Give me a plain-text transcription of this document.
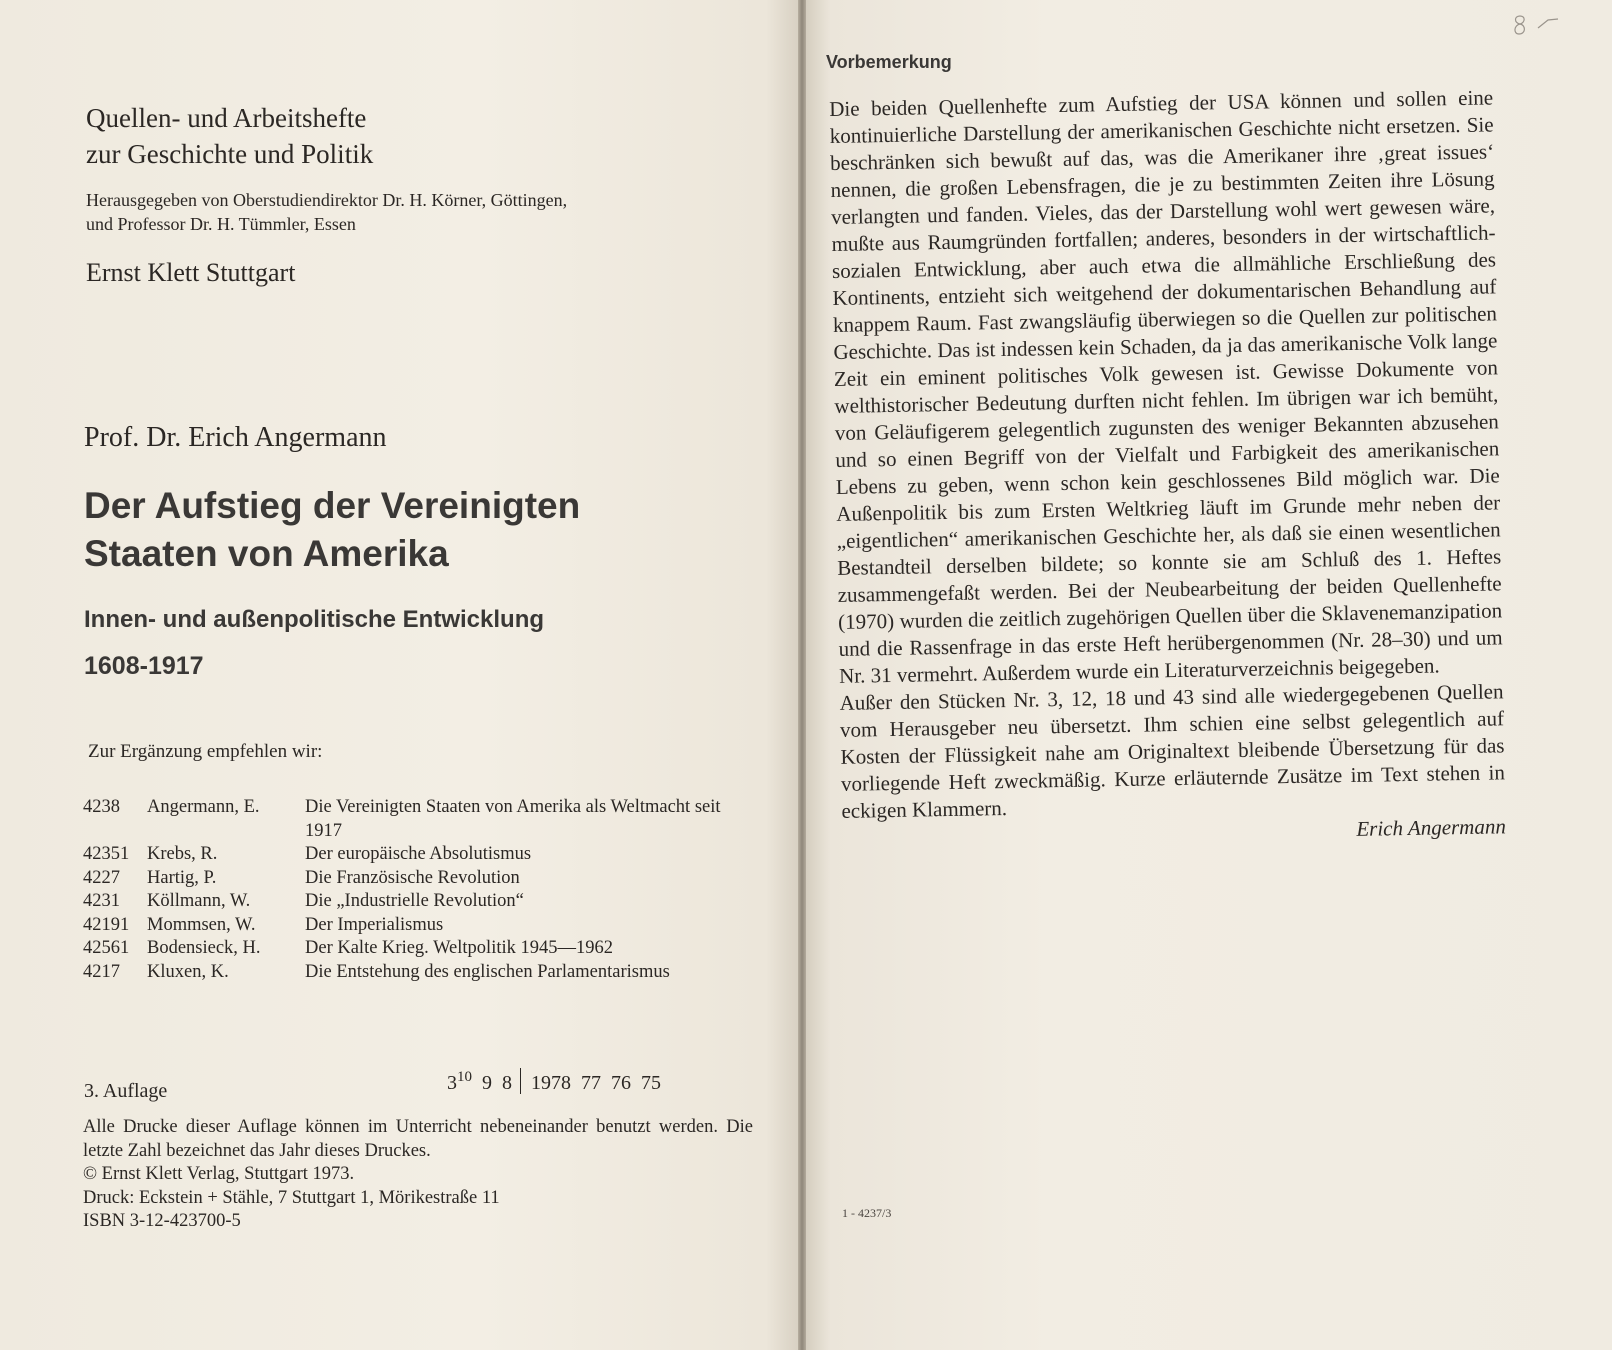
Quellen- und Arbeitshefte
zur Geschichte und Politik
Herausgegeben von Oberstudiendirektor Dr. H. Körner, Göttingen,
und Professor Dr. H. Tümmler, Essen
Ernst Klett Stuttgart
Prof. Dr. Erich Angermann
Der Aufstieg der Vereinigten
Staaten von Amerika
Innen- und außenpolitische Entwicklung
1608-1917
Zur Ergänzung empfehlen wir:
4238	Angermann, E.	Die Vereinigten Staaten von Amerika als Weltmacht seit 1917
42351 Krebs, R.	Der europäische Absolutismus
4227	Hartig, P.	Die Französische Revolution
4231	Köllmann, W.	Die „Industrielle Revolution“
42191 Mommsen, W.	Der Imperialismus
42561 Bodensieck, H.	Der Kalte Krieg. Weltpolitik 1945—1962
4217	Kluxen, K.	Die Entstehung des englischen Parlamentarismus
3. Auflage	$3^{10}$ 9 8 1978 77 76 75

Alle Drucke dieser Auflage können im Unterricht nebeneinander benutzt werden. Die letzte Zahl bezeichnet das Jahr dieses Druckes.

© Ernst Klett Verlag, Stuttgart 1973.

Druck: Eckstein + Stähle, 7 Stuttgart 1, Mörikestraße 11

ISBN 3-12-423700-5

Vorbemerkung

Die beiden Quellenhefte zum Aufstieg der USA können und sollen eine kontinuierliche Darstellung der amerikanischen Geschichte nicht ersetzen. Sie beschränken sich bewußt auf das, was die Amerikaner ihre ‚great issues‘ nennen, die großen Lebensfragen, die je zu bestimmten Zeiten ihre Lösung verlangten und fanden. Vieles, das der Darstellung wohl wert gewesen wäre, mußte aus Raumgründen fortfallen; anderes, besonders in der wirtschaftlich-sozialen Entwicklung, aber auch etwa die allmähliche Erschließung des Kontinents, entzieht sich weitgehend der dokumentarischen Behandlung auf knappem Raum. Fast zwangsläufig überwiegen so die Quellen zur politischen Geschichte. Das ist indessen kein Schaden, da ja das amerikanische Volk lange Zeit ein eminent politisches Volk gewesen ist. Gewisse Dokumente von welthistorischer Bedeutung durften nicht fehlen. Im übrigen war ich bemüht, von Geläufigerem gelegentlich zugunsten des weniger Bekannten abzusehen und so einen Begriff von der Vielfalt und Farbigkeit des amerikanischen Lebens zu geben, wenn schon kein geschlossenes Bild möglich war. Die Außenpolitik bis zum Ersten Weltkrieg läuft im Grunde mehr neben der „eigentlichen“ amerikanischen Geschichte her, als daß sie einen wesentlichen Bestandteil derselben bildete; so konnte sie am Schluß des 1. Heftes zusammengefaßt werden. Bei der Neubearbeitung der beiden Quellenhefte (1970) wurden die zeitlich zugehörigen Quellen über die Sklavenemanzipation und die Rassenfrage in das erste Heft herübergenommen (Nr. 28–30) und um Nr. 31 vermehrt. Außerdem wurde ein Literaturverzeichnis beigegeben.

Außer den Stücken Nr. 3, 12, 18 und 43 sind alle wiedergegebenen Quellen vom Herausgeber neu übersetzt. Ihm schien eine selbst gelegentlich auf Kosten der Flüssigkeit nahe am Originaltext bleibende Übersetzung für das vorliegende Heft zweckmäßig. Kurze erläuternde Zusätze im Text stehen in eckigen Klammern.

Erich Angermann

1 - 4237/3
